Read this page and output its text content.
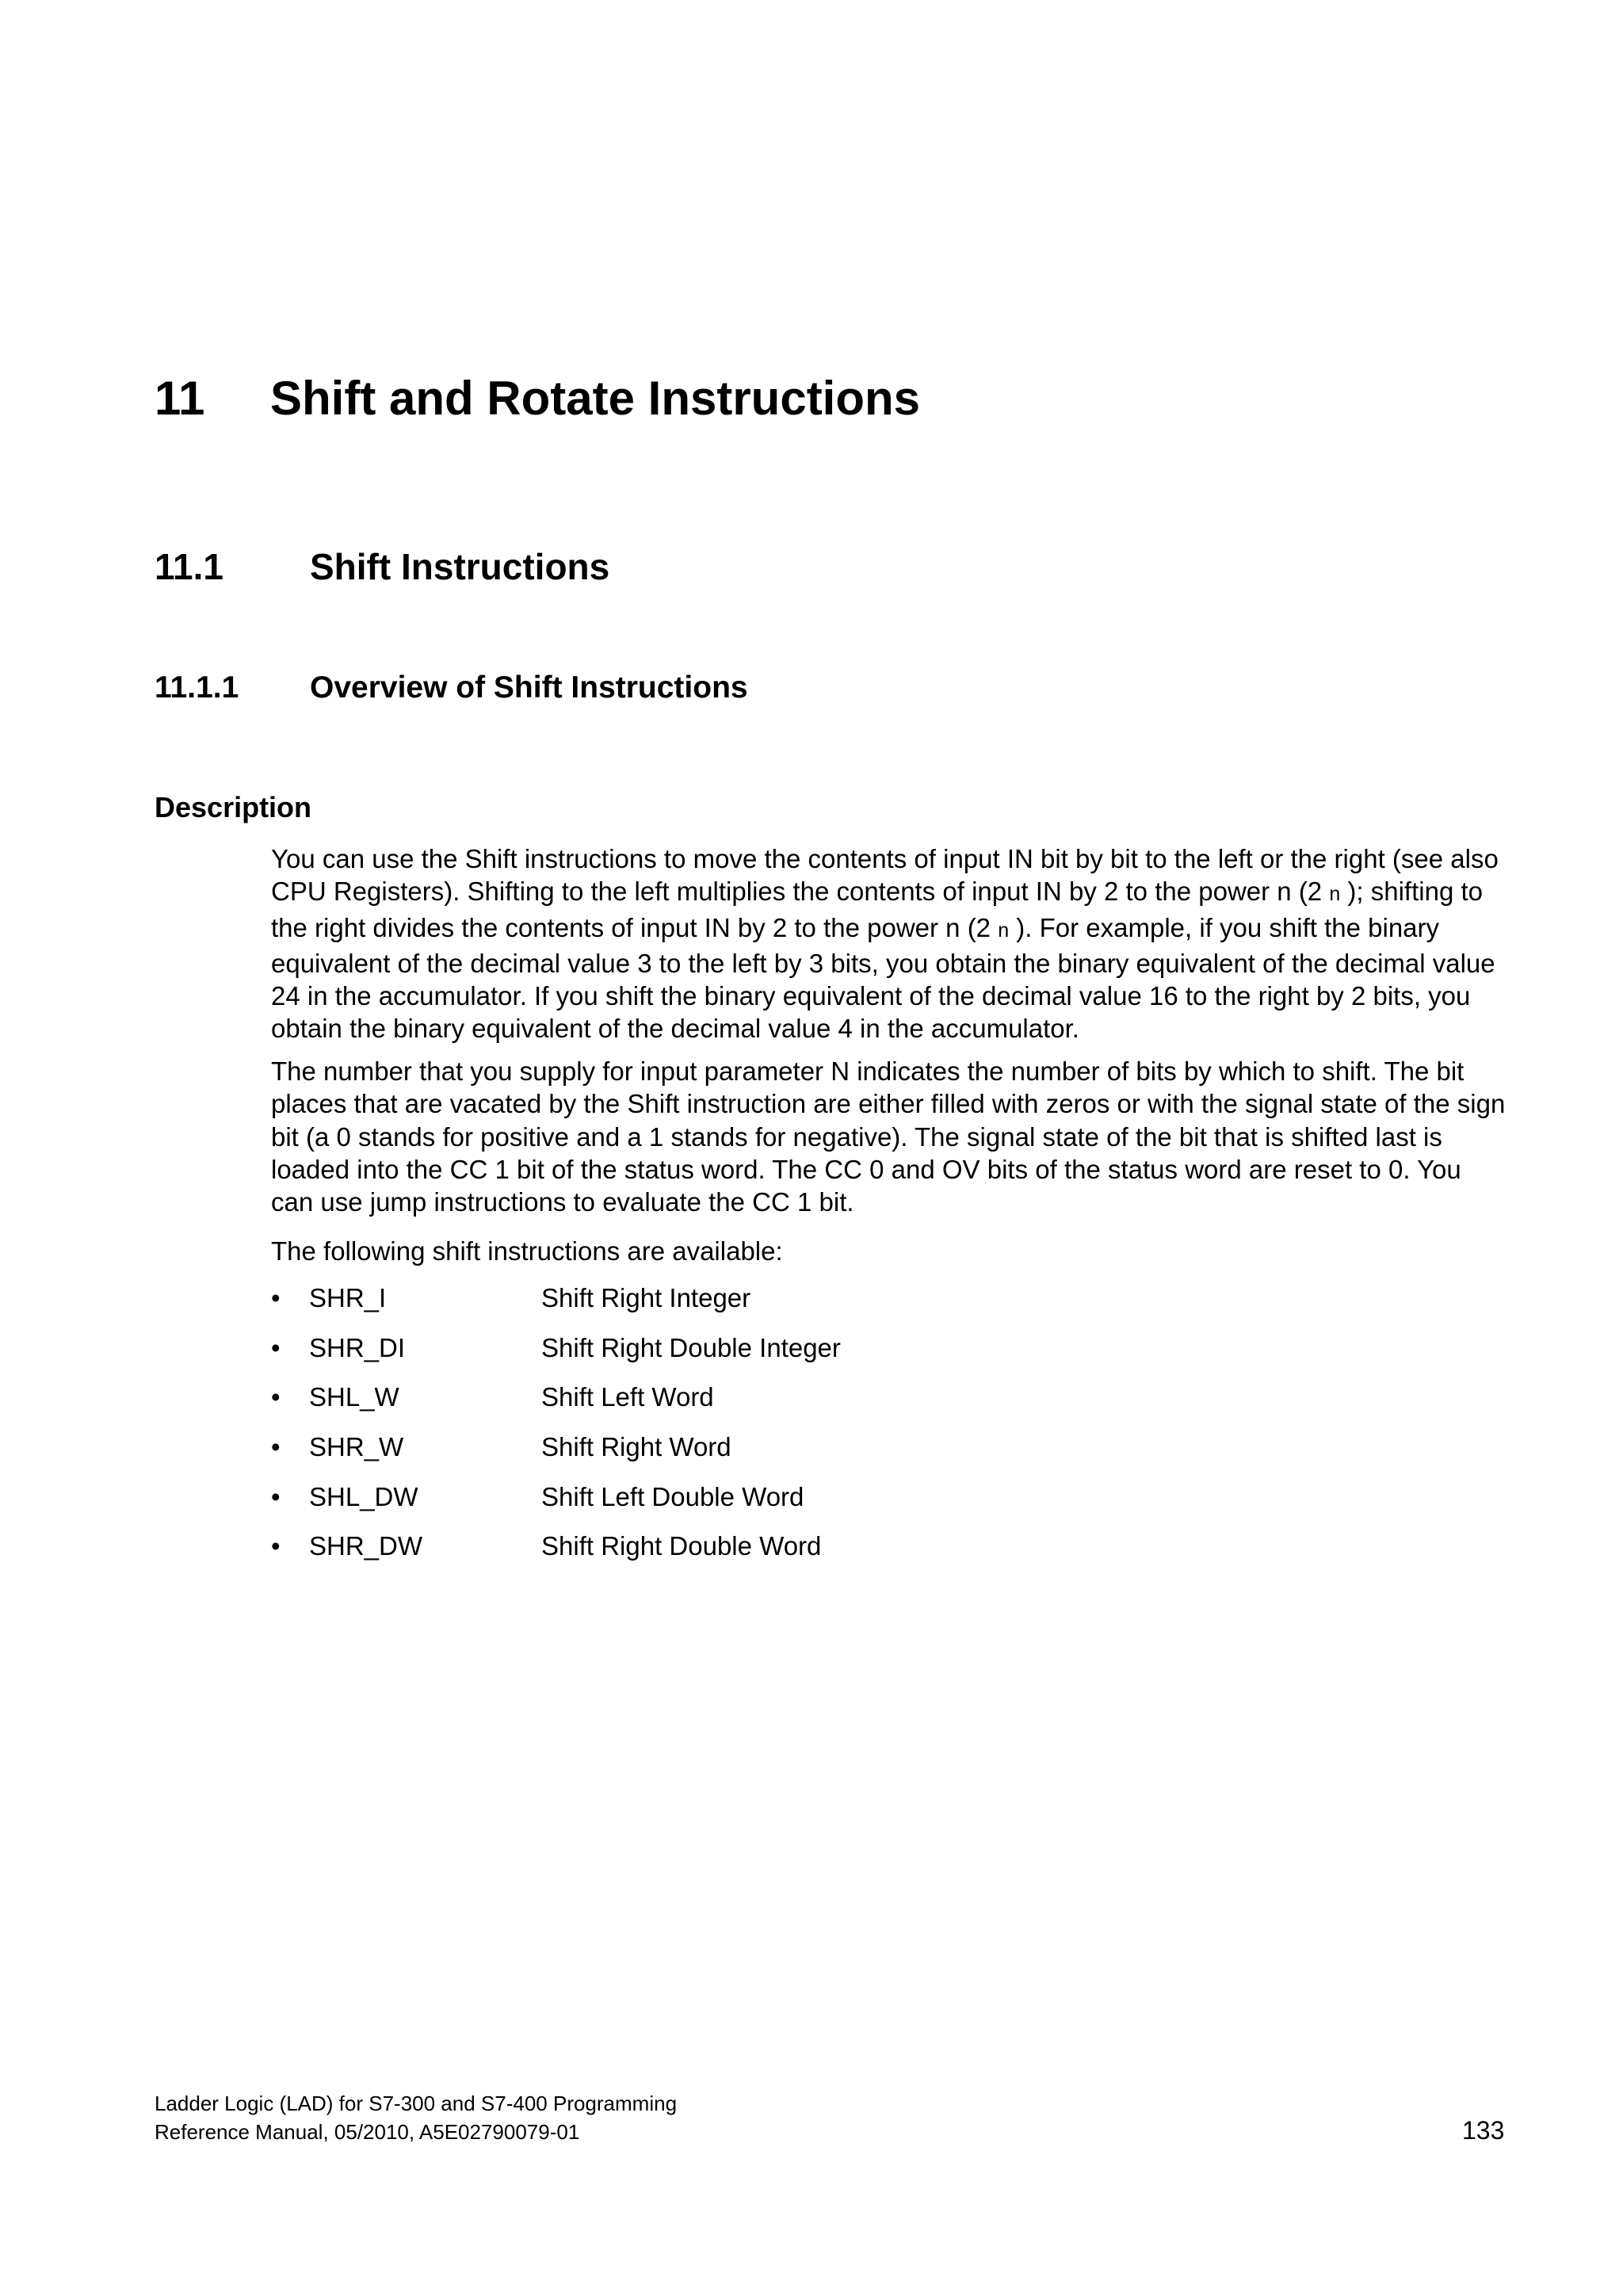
11 Shift and Rotate Instructions
11.1 Shift Instructions
11.1.1 Overview of Shift Instructions
Description
You can use the Shift instructions to move the contents of input IN bit by bit to the left or the right (see also CPU Registers). Shifting to the left multiplies the contents of input IN by 2 to the power n (2 n ); shifting to the right divides the contents of input IN by 2 to the power n (2 n ). For example, if you shift the binary equivalent of the decimal value 3 to the left by 3 bits, you obtain the binary equivalent of the decimal value 24 in the accumulator. If you shift the binary equivalent of the decimal value 16 to the right by 2 bits, you obtain the binary equivalent of the decimal value 4 in the accumulator.
The number that you supply for input parameter N indicates the number of bits by which to shift. The bit places that are vacated by the Shift instruction are either filled with zeros or with the signal state of the sign bit (a 0 stands for positive and a 1 stands for negative). The signal state of the bit that is shifted last is loaded into the CC 1 bit of the status word. The CC 0 and OV bits of the status word are reset to 0. You can use jump instructions to evaluate the CC 1 bit.
The following shift instructions are available:
• SHR_I	Shift Right Integer
• SHR_DI	Shift Right Double Integer
• SHL_W	Shift Left Word
• SHR_W	Shift Right Word
• SHL_DW	Shift Left Double Word
• SHR_DW	Shift Right Double Word
Ladder Logic (LAD) for S7-300 and S7-400 Programming
Reference Manual, 05/2010, A5E02790079-01	133
